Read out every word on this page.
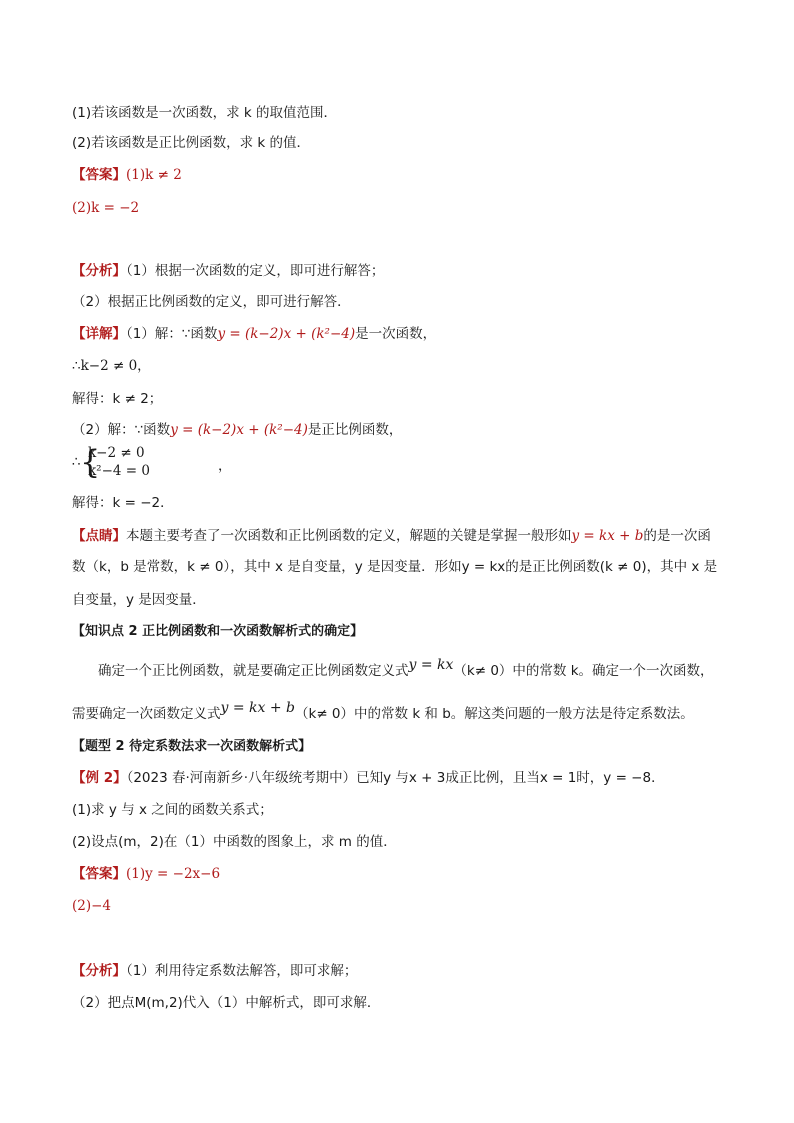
(1)若该函数是一次函数，求 k 的取值范围．
(2)若该函数是正比例函数，求 k 的值．
【答案】(1)k ≠ 2
(2)k = −2
【分析】（1）根据一次函数的定义，即可进行解答；
（2）根据正比例函数的定义，即可进行解答．
【详解】（1）解：∵函数y = (k−2)x + (k²−4)是一次函数，
∴k−2 ≠ 0，
解得：k ≠ 2；
（2）解：∵函数y = (k−2)x + (k²−4)是正比例函数，
∴ {
k−2 ≠ 0
k²−4 = 0	，
解得：k = −2．
【点睛】本题主要考查了一次函数和正比例函数的定义，解题的关键是掌握一般形如y = kx + b的是一次函
数（k，b 是常数，k ≠ 0），其中 x 是自变量，y 是因变量．形如y = kx的是正比例函数(k ≠ 0)，其中 x 是
自变量，y 是因变量．
【知识点 2 正比例函数和一次函数解析式的确定】
确定一个正比例函数，就是要确定正比例函数定义式y = kx（k≠ 0）中的常数 k。确定一个一次函数，
需要确定一次函数定义式y = kx + b（k≠ 0）中的常数 k 和 b。解这类问题的一般方法是待定系数法。
【题型 2 待定系数法求一次函数解析式】
【例 2】（2023 春·河南新乡·八年级统考期中）已知y 与x + 3成正比例，且当x = 1时，y = −8．
(1)求 y 与 x 之间的函数关系式；
(2)设点(m，2)在（1）中函数的图象上，求 m 的值．
【答案】(1)y = −2x−6
(2)−4
【分析】（1）利用待定系数法解答，即可求解；
（2）把点M(m,2)代入（1）中解析式，即可求解．
